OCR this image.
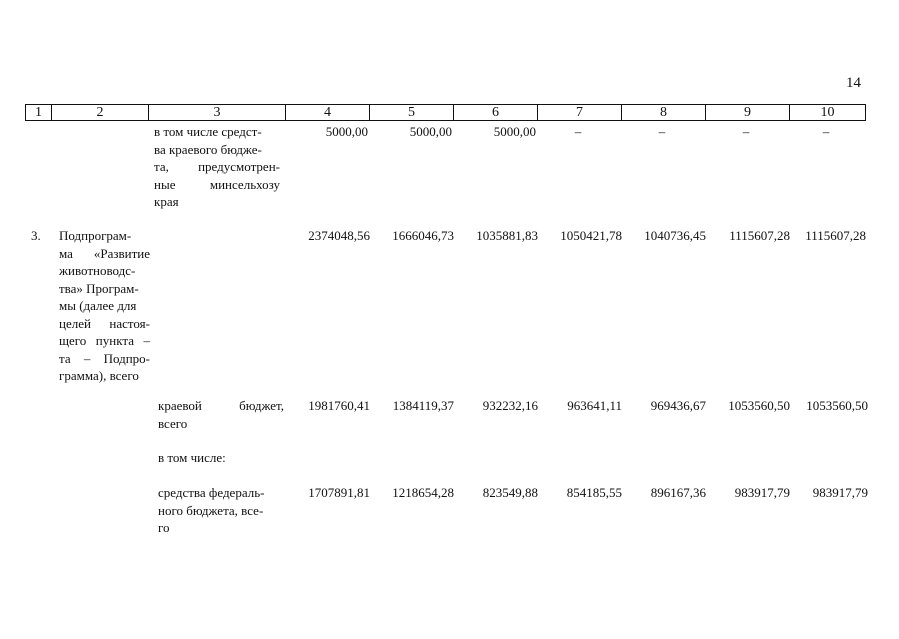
14
1	2	3	4	5	6	7	8	9	10
в том числе средст-
ва краевого бюдже-
та, предусмотрен-
ные минсельхозу
края
5000,00	5000,00	5000,00	–	–	–	–
3. Подпрограм-
ма «Развитие
животноводс-
тва» Програм-
мы (далее для
целей настоя-
щего пункта –
та – Подпро-
грамма), всего
2374048,56	1666046,73	1035881,83	1050421,78	1040736,45	1115607,28	1115607,28
краевой бюджет,
всего
1981760,41	1384119,37	932232,16	963641,11	969436,67	1053560,50	1053560,50
в том числе:
средства федераль-
ного бюджета, все-
го
1707891,81	1218654,28	823549,88	854185,55	896167,36	983917,79	983917,79
